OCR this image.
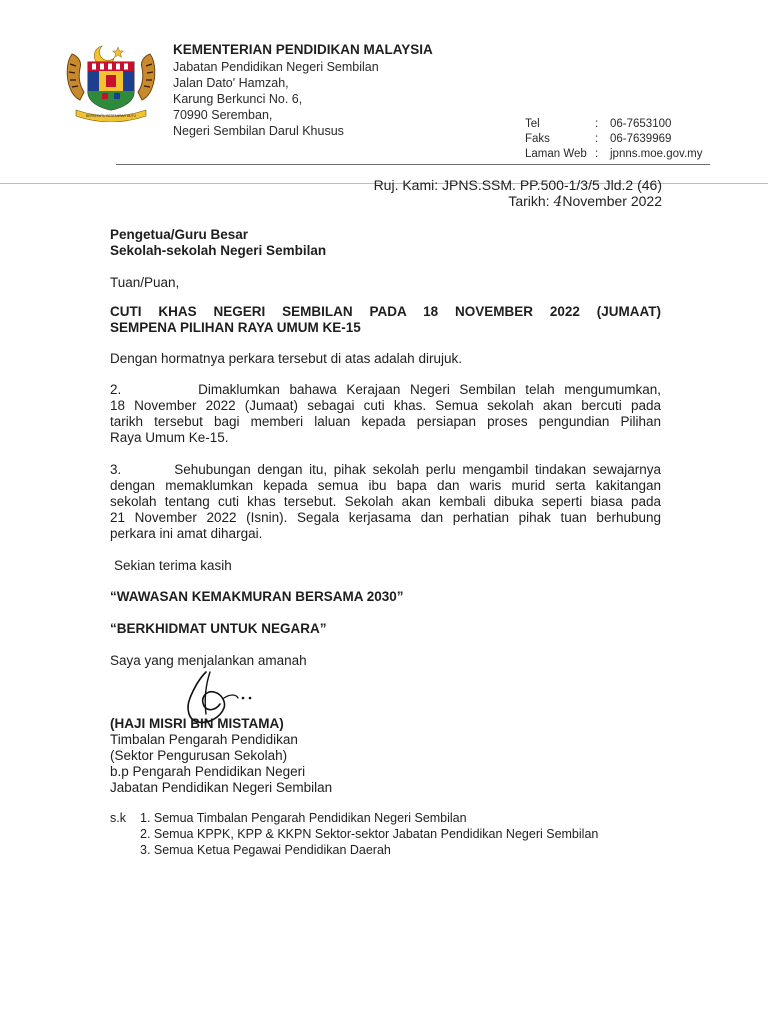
BERSEKUTU BERTAMBAH MUTU
KEMENTERIAN PENDIDIKAN MALAYSIA
Jabatan Pendidikan Negeri Sembilan
Jalan Dato' Hamzah,
Karung Berkunci No. 6,
70990 Seremban,
Negeri Sembilan Darul Khusus	Tel	:	06-7653100
Faks	:	06-7639969
Laman Web :	jpnns.moe.gov.my
Ruj. Kami: JPNS.SSM. PP.500-1/3/5 Jld.2 (46)
Tarikh: 4November 2022
Pengetua/Guru Besar
Sekolah-sekolah Negeri Sembilan
Tuan/Puan,
CUTI KHAS NEGERI SEMBILAN PADA 18 NOVEMBER 2022 (JUMAAT)
SEMPENA PILIHAN RAYA UMUM KE-15
Dengan hormatnya perkara tersebut di atas adalah dirujuk.
2.	Dimaklumkan bahawa Kerajaan Negeri Sembilan telah mengumumkan,
18 November 2022 (Jumaat) sebagai cuti khas. Semua sekolah akan bercuti pada
tarikh tersebut bagi memberi laluan kepada persiapan proses pengundian Pilihan
Raya Umum Ke-15.
3.	Sehubungan dengan itu, pihak sekolah perlu mengambil tindakan sewajarnya
dengan memaklumkan kepada semua ibu bapa dan waris murid serta kakitangan
sekolah tentang cuti khas tersebut. Sekolah akan kembali dibuka seperti biasa pada
21 November 2022 (Isnin). Segala kerjasama dan perhatian pihak tuan berhubung
perkara ini amat dihargai.
Sekian terima kasih
“WAWASAN KEMAKMURAN BERSAMA 2030”
“BERKHIDMAT UNTUK NEGARA”
Saya yang menjalankan amanah
(HAJI MISRI BIN MISTAMA)
Timbalan Pengarah Pendidikan
(Sektor Pengurusan Sekolah)
b.p Pengarah Pendidikan Negeri
Jabatan Pendidikan Negeri Sembilan
s.k	1. Semua Timbalan Pengarah Pendidikan Negeri Sembilan
2. Semua KPPK, KPP & KKPN Sektor-sektor Jabatan Pendidikan Negeri Sembilan
3. Semua Ketua Pegawai Pendidikan Daerah
